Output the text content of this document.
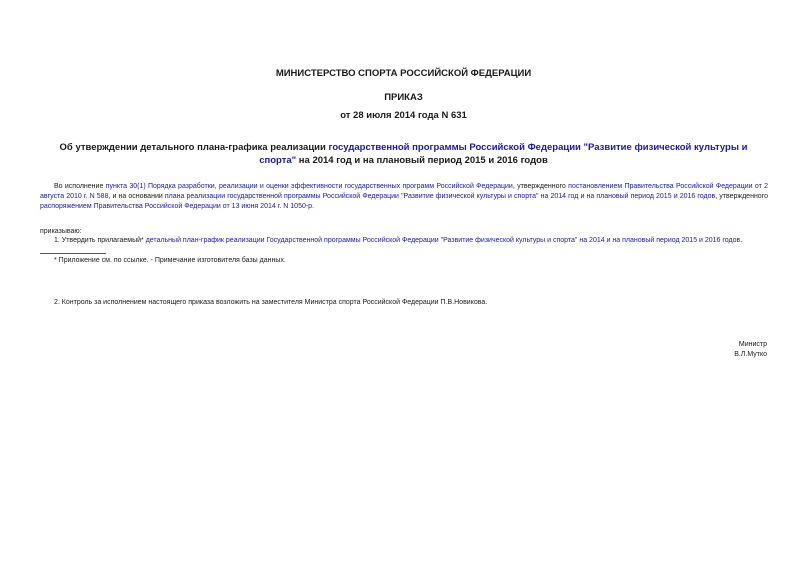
МИНИСТЕРСТВО СПОРТА РОССИЙСКОЙ ФЕДЕРАЦИИ
ПРИКАЗ
от 28 июля 2014 года N 631
Об утверждении детального плана-графика реализации государственной программы Российской Федерации "Развитие физической культуры и спорта" на 2014 год и на плановый период 2015 и 2016 годов
Во исполнение пункта 30(1) Порядка разработки, реализации и оценки эффективности государственных программ Российской Федерации, утвержденного постановлением Правительства Российской Федерации от 2 августа 2010 г. N 588, и на основании плана реализации государственной программы Российской Федерации "Развитие физической культуры и спорта" на 2014 год и на плановый период 2015 и 2016 годов, утвержденного распоряжением Правительства Российской Федерации от 13 июня 2014 г. N 1050-р.
приказываю:
1. Утвердить прилагаемый* детальный план-график реализации Государственной программы Российской Федерации "Развитие физической культуры и спорта" на 2014 и на плановый период 2015 и 2016 годов.
* Приложение см. по ссылке. - Примечание изготовителя базы данных.
2. Контроль за исполнением настоящего приказа возложить на заместителя Министра спорта Российской Федерации П.В.Новикова.
Министр
В.Л.Мутко
